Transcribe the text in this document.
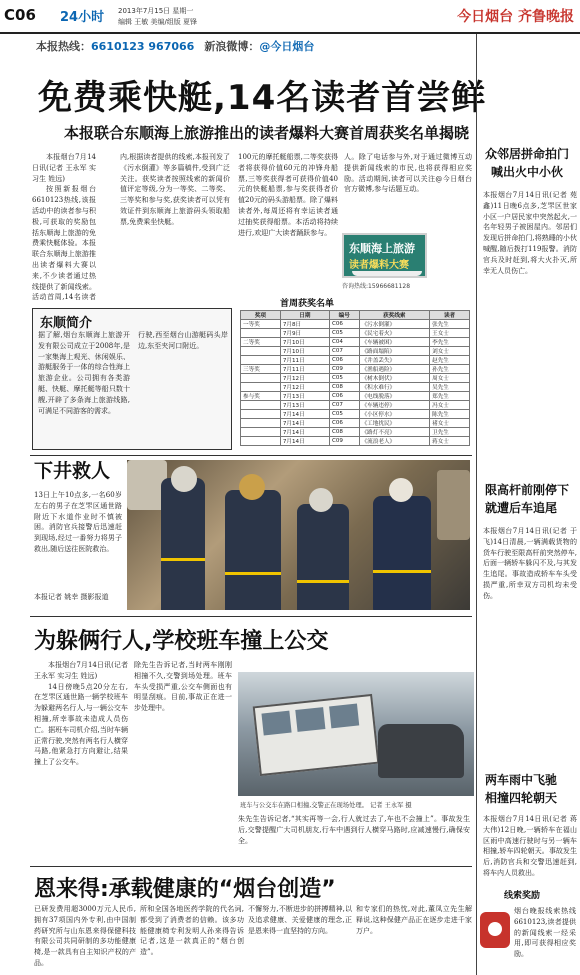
C06 24小时 2013年7月15日 星期一
编辑 王敏 美编/组版 夏锋	今日烟台 齐鲁晚报
本报热线：6610123 967066 新浪微博：@今日烟台
免费乘快艇,14名读者首尝鲜
本报联合东顺海上旅游推出的读者爆料大赛首周获奖名单揭晓

本报烟台7月14日讯(记者 王永军 实习生 姓远)

按照新报烟台6610123热线,该报活动中的读者参与积极,可获取的奖励包括东顺海上旅游的免费乘快艇体验。本报联合东顺海上旅游推出读者爆料大赛以来,不少读者通过热线提供了新闻线索。活动首周,14名读者

内,根据读者提供的线索,本报刊发了《污水倒灌》等多篇稿件,受到广泛关注。获奖读者按照线索的新闻价值评定等级,分为一等奖、二等奖、三等奖和参与奖,获奖读者可以凭有效证件到东顺海上旅游码头领取船票,免费乘坐快艇。
100元的摩托艇船票,二等奖获得者将获得价值60元的冲锋舟船票,三等奖获得者可获得价值40元的快艇船票,参与奖获得者价值20元的码头游船票。除了爆料读者外,每周还将有幸运读者通过抽奖获得船票。本活动将持续进行,欢迎广大读者踊跃参与。
人。除了电话参与外,对于通过微博互动提供新闻线索的市民,也将获得相应奖励。活动期间,读者可以关注@今日烟台官方微博,参与话题互动。
东顺海上旅游
读者爆料大赛
咨询热线:15966681128
东顺简介
据了解,烟台东顺海上旅游开发有限公司成立于2008年,是一家集海上观光、休闲娱乐、游艇服务于一体的综合性海上旅游企业。公司拥有各类游艇、快艇、摩托艇等船只数十艘,开辟了多条海上旅游线路,可满足不同游客的需求。
行驶,西至烟台山游艇码头岸边,东至夹河口附近。
首周获奖名单
奖项	日期	编号	获奖线索	读者
一等奖	7月8日	C06	《污水倒灌》	张先生
	7月9日	C05	《民宅着火》	王女士
二等奖	7月10日	C04	《车辆被困》	李先生
	7月10日	C07	《路面塌陷》	刘女士
	7月11日	C06	《井盖丢失》	赵先生
三等奖	7月11日	C09	《渔船遇险》	孙先生
	7月12日	C05	《树木倒伏》	周女士
	7月12日	C08	《积水难行》	吴先生
参与奖	7月13日	C06	《电线脱落》	郑先生
	7月13日	C07	《车辆违停》	冯女士
	7月14日	C05	《小区停水》	陈先生
	7月14日	C06	《工地扰民》	褚女士
	7月14日	C08	《路灯不亮》	卫先生
	7月14日	C09	《流浪老人》	蒋女士
下井救人
13日上午10点多,一名60岁左右的男子在芝罘区通世路附近下水道作业时不慎被困。消防官兵接警后迅速赶到现场,经过一番努力将男子救出,随后送往医院救治。
本报记者 姚幸 摄影报道
为躲俩行人,学校班车撞上公交

本报烟台7月14日讯(记者 王永军 实习生 姓远)

14日傍晚5点20分左右,在芝罘区通世路一辆学校班车为躲避两名行人,与一辆公交车相撞,所幸事故未造成人员伤亡。据班车司机介绍,当时车辆正常行驶,突然有两名行人横穿马路,他紧急打方向避让,结果撞上了公交车。

除先生告诉记者,当时两车刚刚相撞不久,交警到场处理。班车车头受损严重,公交车侧面也有明显刮痕。目前,事故正在进一步处理中。
班车与公交车在路口相撞,交警正在现场处理。 记者 王永军 摄
朱先生告诉记者,“其实再等一会,行人就过去了,车也不会撞上”。事故发生后,交警提醒广大司机朋友,行车中遇到行人横穿马路时,应减速慢行,确保安全。
恩来得:承载健康的“烟台创造”
已研发费用超3000万元人民币,拥有37项国内外专利,由中国制药研究所与山东恩来得保健科技有限公司共同研制的多功能健康椅,是一款具有自主知识产权的产品。
所和全国各地医药学院的代名词,都受到了消费者的信赖。该多功能健康椅专利发明人孙来得告诉记者,这是一款真正的“烟台创造”。
不懈努力,不断进步的拼搏精神,以及追求健康、关爱健康的理念,正是恩来得一直坚持的方向。
和专家们的热忱,对此,董凤立先生解释说,这种保健产品正在逐步走进千家万户。
众邻居拼命拍门
喊出火中小伙
本报烟台7月14日讯(记者 苑 鑫)11日晚6点多,芝罘区世家小区一户居民家中突然起火,一名年轻男子被困屋内。邻居们发现后拼命拍门,将熟睡的小伙喊醒,随后拨打119报警。消防官兵及时赶到,将大火扑灭,所幸无人员伤亡。
限高杆前刚停下
就遭后车追尾
本报烟台7月14日讯(记者 于飞)14日清晨,一辆满载货物的货车行驶至限高杆前突然停车,后面一辆轿车躲闪不及,与其发生追尾。事故造成轿车车头受损严重,所幸双方司机均未受伤。
两车雨中飞驰
相撞四轮朝天
本报烟台7月14日讯(记者 蒋大伟)12日晚,一辆轿车在福山区雨中高速行驶时与另一辆车相撞,轿车四轮朝天。事故发生后,消防官兵和交警迅速赶到,将车内人员救出。
线索奖励
烟台晚报线索热线6610123,读者提供的新闻线索一经采用,即可获得相应奖励。
